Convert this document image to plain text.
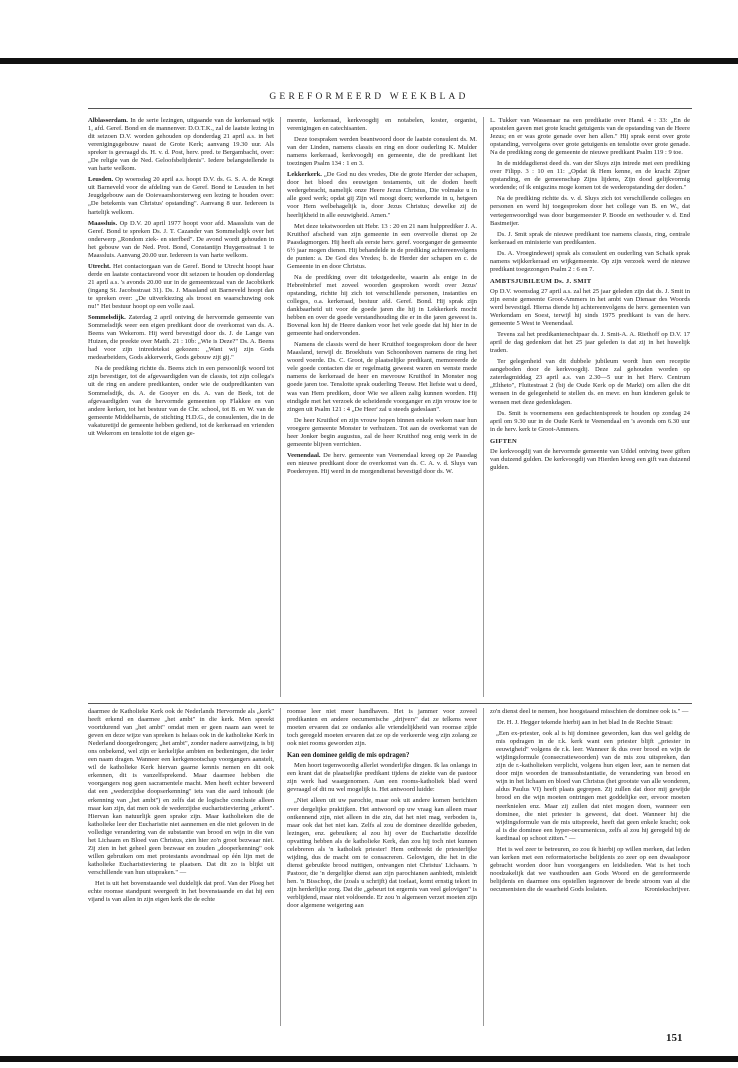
GEREFORMEERD WEEKBLAD

Alblasserdam. In de serie lezingen, uitgaande van de kerkeraad wijk 1, afd. Geref. Bond en de mannenver. D.O.T.K., zal de laatste lezing in dit seizoen D.V. worden gehouden op donderdag 21 april a.s. in het verenigingsgebouw naast de Grote Kerk; aanvang 19.30 uur. Als spreker is gevraagd ds. H. v. d. Post, herv. pred. te Bergambacht, over: „De religie van de Ned. Geloofsbelijdenis". Iedere belangstellende is van harte welkom.

Leusden. Op woensdag 20 april a.s. hoopt D.V. ds. G. S. A. de Knegt uit Barneveld voor de afdeling van de Geref. Bond te Leusden in het Jeugdgebouw aan de Ooievaarshorsterweg een lezing te houden over: „De betekenis van Christus' opstanding". Aanvang 8 uur. Iedereen is hartelijk welkom.

Maassluis. Op D.V. 20 april 1977 hoopt voor afd. Maassluis van de Geref. Bond te spreken Ds. J. T. Cazander van Sommelsdijk over het onderwerp „Rondom ziek- en sterfbed". De avond wordt gehouden in het gebouw van de Ned. Prot. Bond, Constantijn Huygensstraat 1 te Maassluis. Aanvang 20.00 uur. Iedereen is van harte welkom.

Utrecht. Het contactorgaan van de Geref. Bond te Utrecht hoopt haar derde en laatste contactavond voor dit seizoen te houden op donderdag 21 april a.s. 's avonds 20.00 uur in de gemeentezaal van de Jacobikerk (ingang St. Jacobsstraat 31). Ds. J. Maasland uit Barneveld hoopt dan te spreken over: „De uitverkiezing als troost en waarschuwing ook nu!" Het bestuur hoopt op een volle zaal.

Sommelsdijk. Zaterdag 2 april ontving de hervormde gemeente van Sommelsdijk weer een eigen predikant door de overkomst van ds. A. Beens van Wekerom. Hij werd bevestigd door ds. J. de Lange van Huizen, die preekte over Matth. 21 : 10b: „Wie is Deze?" Ds. A. Beens had voor zijn intredetekst gekozen: „Want wij zijn Gods medearbeiders, Gods akkerwerk, Gods gebouw zijt gij."

Na de prediking richtte ds. Beens zich in een persoonlijk woord tot zijn bevestiger, tot de afgevaardigden van de classis, tot zijn collega's uit de ring en andere predikanten, onder wie de oudpredikanten van Sommelsdijk, ds. A. de Gooyer en ds. A. van de Beek, tot de afgevaardigden van de hervormde gemeenten op Flakkee en van andere kerken, tot het bestuur van de Chr. school, tot B. en W. van de gemeente Middelharnis, de stichting H.D.G., de consulenten, die in de vakaturetijd de gemeente hebben gediend, tot de kerkeraad en vrienden uit Wekerom en tenslotte tot de eigen ge-

meente, kerkeraad, kerkvoogdij en notabelen, koster, organist, verenigingen en catechisanten.

Deze toespraken werden beantwoord door de laatste consulent ds. M. van der Linden, namens classis en ring en door ouderling K. Mulder namens kerkeraad, kerkvoogdij en gemeente, die de predikant liet toezingen Psalm 134 : 1 en 3.

Lekkerkerk. „De God nu des vredes, Die de grote Herder der schapen, door het bloed des eeuwigen testaments, uit de doden heeft wedergebracht, namelijk onze Heere Jezus Christus, Die volmake u in alle goed werk; opdat gij Zijn wil moogt doen; werkende in u, hetgeen voor Hem welbehagelijk is, door Jezus Christus; dewelke zij de heerlijkheid in alle eeuwigheid. Amen."

Met deze tekstwoorden uit Hebr. 13 : 20 en 21 nam hulpprediker J. A. Kruithof afscheid van zijn gemeente in een overvolle dienst op 2e Paasdagmorgen. Hij heeft als eerste herv. geref. voorganger de gemeente 6½ jaar mogen dienen. Hij behandelde in de prediking achtereenvolgens de punten: a. De God des Vredes; b. de Herder der schapen en c. de Gemeente in en door Christus.

Na de prediking over dit tekstgedeelte, waarin als enige in de Hebreënbrief met zoveel woorden gesproken wordt over Jezus' opstanding, richtte hij zich tot verschillende personen, instanties en colleges, o.a. kerkeraad, bestuur afd. Geref. Bond. Hij sprak zijn dankbaarheid uit voor de goede jaren die hij in Lekkerkerk mocht hebben en over de goede verstandhouding die er in die jaren geweest is. Bovenal kon hij de Heere danken voor het vele goede dat hij hier in de gemeente had ondervonden.

Namens de classis werd de heer Kruithof toegesproken door de heer Maasland, terwijl dr. Broekhuis van Schoonhoven namens de ring het woord voerde. Ds. C. Groot, de plaatselijke predikant, memoreerde de vele goede contacten die er regelmatig geweest waren en wenste mede namens de kerkeraad de heer en mevrouw Kruithof in Monster nog goede jaren toe. Tenslotte sprak ouderling Teeuw. Het liefste wat u deed, was van Hem prediken, door Wie we alleen zalig kunnen worden. Hij eindigde met het verzoek de scheidende voorganger en zijn vrouw toe te zingen uit Psalm 121 : 4 „De Heer' zal u steeds gadeslaan".

De heer Kruithof en zijn vrouw hopen binnen enkele weken naar hun vroegere gemeente Monster te verhuizen. Tot aan de overkomst van de heer Jonker begin augustus, zal de heer Kruithof nog enig werk in de gemeente blijven verrichten.

Veenendaal. De herv. gemeente van Veenendaal kreeg op 2e Paasdag een nieuwe predikant door de overkomst van ds. C. A. v. d. Sluys van Poederoyen. Hij werd in de morgendienst bevestigd door ds. W.

L. Tukker van Wassenaar na een predikatie over Hand. 4 : 33: „En de apostelen gaven met grote kracht getuigenis van de opstanding van de Heere Jezus; en er was grote genade over hen allen." Hij sprak eerst over grote opstanding, vervolgens over grote getuigenis en tenslotte over grote genade. Na de prediking zong de gemeente de nieuwe predikant Psalm 119 : 9 toe.

In de middagdienst deed ds. van der Sluys zijn intrede met een prediking over Filipp. 3 : 10 en 11: „Opdat ik Hem kenne, en de kracht Zijner opstanding, en de gemeenschap Zijns lijdens, Zijn dood gelijkvormig wordende; of ik enigszins moge komen tot de wederopstanding der doden."

Na de prediking richtte ds. v. d. Sluys zich tot verschillende colleges en personen en werd hij toegesproken door het college van B. en W., dat vertegenwoordigd was door burgemeester P. Boode en wethouder v. d. End Bastmeijer.

Ds. J. Smit sprak de nieuwe predikant toe namens classis, ring, centrale kerkeraad en ministerie van predikanten.

Ds. A. Vroegindeweij sprak als consulent en ouderling van Schaik sprak namens wijkkerkeraad en wijkgemeente. Op zijn verzoek werd de nieuwe predikant toegezongen Psalm 2 : 6 en 7.

AMBTSJUBILEUM Ds. J. SMIT

Op D.V. woensdag 27 april a.s. zal het 25 jaar geleden zijn dat ds. J. Smit in zijn eerste gemeente Groot-Ammers in het ambt van Dienaar des Woords werd bevestigd. Hierna diende hij achtereenvolgens de herv. gemeenten van Werkendam en Soest, terwijl hij sinds 1975 predikant is van de herv. gemeente 5 West te Veenendaal.

Tevens zal het predikantenechtpaar ds. J. Smit-A. A. Riethoff op D.V. 17 april de dag gedenken dat het 25 jaar geleden is dat zij in het huwelijk traden.

Ter gelegenheid van dit dubbele jubileum wordt hun een receptie aangeboden door de kerkvoogdij. Deze zal gehouden worden op zaterdagmiddag 23 april a.s. van 2.30—5 uur in het Herv. Centrum „Eltheto", Fluitestraat 2 (bij de Oude Kerk op de Markt) om allen die dit wensen in de gelegenheid te stellen ds. en mevr. en hun kinderen geluk te wensen met deze gedenkdagen.

Ds. Smit is voornemens een gedachtenispreek te houden op zondag 24 april om 9.30 uur in de Oude Kerk te Veenendaal en 's avonds om 6.30 uur in de herv. kerk te Groot-Ammers.

GIFTEN

De kerkvoogdij van de hervormde gemeente van Uddel ontving twee giften van duizend gulden. De kerkvoogdij van Hierden kreeg een gift van duizend gulden.

daarmee de Katholieke Kerk ook de Nederlands Hervormde als „kerk" heeft erkend en daarmee „het ambt" in die kerk. Men spreekt voortdurend van „het ambt" omdat men er geen naam aan weet te geven en deze wijze van spreken is helaas ook in de katholieke Kerk in Nederland doorgedrongen; „het ambt", zonder nadere aanwijzing, is bij ons onbekend, wel zijn er kerkelijke ambten en bedieningen, die ieder een naam dragen. Wanneer een kerkgenootschap voorgangers aanstelt, wil de katholieke Kerk hiervan gaarne kennis nemen en dit ook erkennen, dit is vanzelfsprekend. Maar daarmee hebben die voorgangers nog geen sacramentele macht. Men heeft echter beweerd dat een „wederzijdse doopserkenning" iets van die aard inhoudt (de erkenning van „het ambt") en zelfs dat de logische conclusie alleen maar kan zijn, dat men ook de wederzijdse eucharistieviering „erkent". Hiervan kan natuurlijk geen sprake zijn. Maar katholieken die de katholieke leer der Eucharistie niet aannemen en die niet geloven in de volledige verandering van de substantie van brood en wijn in die van het Lichaam en Bloed van Christus, zien hier zo'n groot bezwaar niet. Zij zien in het geheel geen bezwaar en zouden „dooperkenning" ook willen gebruiken om met protestants avondmaal op één lijn met de katholieke Eucharistieviering te plaatsen. Dat dit zo is blijkt uit verschillende van hun uitspraken." —

Het is uit het bovenstaande wel duidelijk dat prof. Van der Ploeg het echte roomse standpunt weergeeft in het bovenstaande en dat hij een vijand is van allen in zijn eigen kerk die de echte

roomse leer niet meer handhaven. Het is jammer voor zoveel predikanten en andere oecumenische „drijvers" dat ze telkens weer moeten ervaren dat ze ondanks alle vriendelijkheid van roomse zijde toch geregeld moeten ervaren dat ze op de verkeerde weg zijn zolang ze ook niet rooms geworden zijn.

Kan een dominee geldig de mis opdragen?

Men hoort tegenwoordig allerlei wonderlijke dingen. Ik las onlangs in een krant dat de plaatselijke predikant tijdens de ziekte van de pastoor zijn werk had waargenomen. Aan een rooms-katholiek blad werd gevraagd of dit nu wel mogelijk is. Het antwoord luidde:

„Niet alleen uit uw parochie, maar ook uit andere komen berichten over dergelijke praktijken. Het antwoord op uw vraag kan alleen maar ontkennend zijn, niet alleen in die zin, dat het niet mag, verboden is, maar ook dat het niet kan. Zelfs al zou de dominee dezelfde gebeden, lezingen, enz. gebruiken; al zou hij over de Eucharistie dezelfde opvatting hebben als de katholieke Kerk, dan zou hij toch niet kunnen celebreren als 'n katholiek priester! Hem ontbreekt de priesterlijke wijding, dus de macht om te consacreren. Gelovigen, die het in die dienst gebruikte brood nuttigen, ontvangen niet Christus' Lichaam. 'n Pastoor, die 'n dergelijke dienst aan zijn parochianen aanbiedt, misleidt hen. 'n Bisschop, die (zoals u schrijft) dat toelaat, komt ernstig tekort in zijn herderlijke zorg. Dat die „gebeurt tot ergernis van veel gelovigen" is verblijdend, maar niet voldoende. Er zou 'n algemeen verzet moeten zijn door algemene weigering aan

zo'n dienst deel te nemen, hoe hoogstaand misschien de dominee ook is." —

Dr. H. J. Hegger tekende hierbij aan in het blad In de Rechte Straat:

„Een ex-priester, ook al is hij dominee geworden, kan dus wel geldig de mis opdragen in de r.k. kerk want een priester blijft „priester in eeuwigheid" volgens de r.k. leer. Wanneer ik dus over brood en wijn de wijdingsformule (consecratiewoorden) van de mis zou uitspreken, dan zijn de r.-katholieken verplicht, volgens hun eigen leer, aan te nemen dat door mijn woorden de transsubstantiatie, de verandering van brood en wijn in het lichaam en bloed van Christus (het grootste van alle wonderen, aldus Paulus VI) heeft plaats gegrepen. Zij zullen dat door mij gewijde brood en die wijn moeten ontringen met goddelijke eer, ervoor moeten neerknielen enz. Maar zij zullen dat niet mogen doen, wanneer een dominee, die niet priester is geweest, dat doet. Wanneer hij die wijdingsformule van de mis uitspreekt, heeft dat geen enkele kracht; ook al is die dominee een hyper-oecumenicus, zelfs al zou hij geregeld bij de kardinaal op schoot zitten." —

Het is wel zeer te betreuren, zo zou ik hierbij op willen merken, dat leden van kerken met een reformatorische belijdenis zo zeer op een dwaalspoor gebracht worden door hun voorgangers en leidslieden. Wat is het toch noodzakelijk dat we vasthouden aan Gods Woord en de gereformeerde belijdenis en daarmee ons opstellen tegenover de brede stroom van al die oecumenisten die de waarheid Gods loslaten.	Kroniekschrijver.

151
